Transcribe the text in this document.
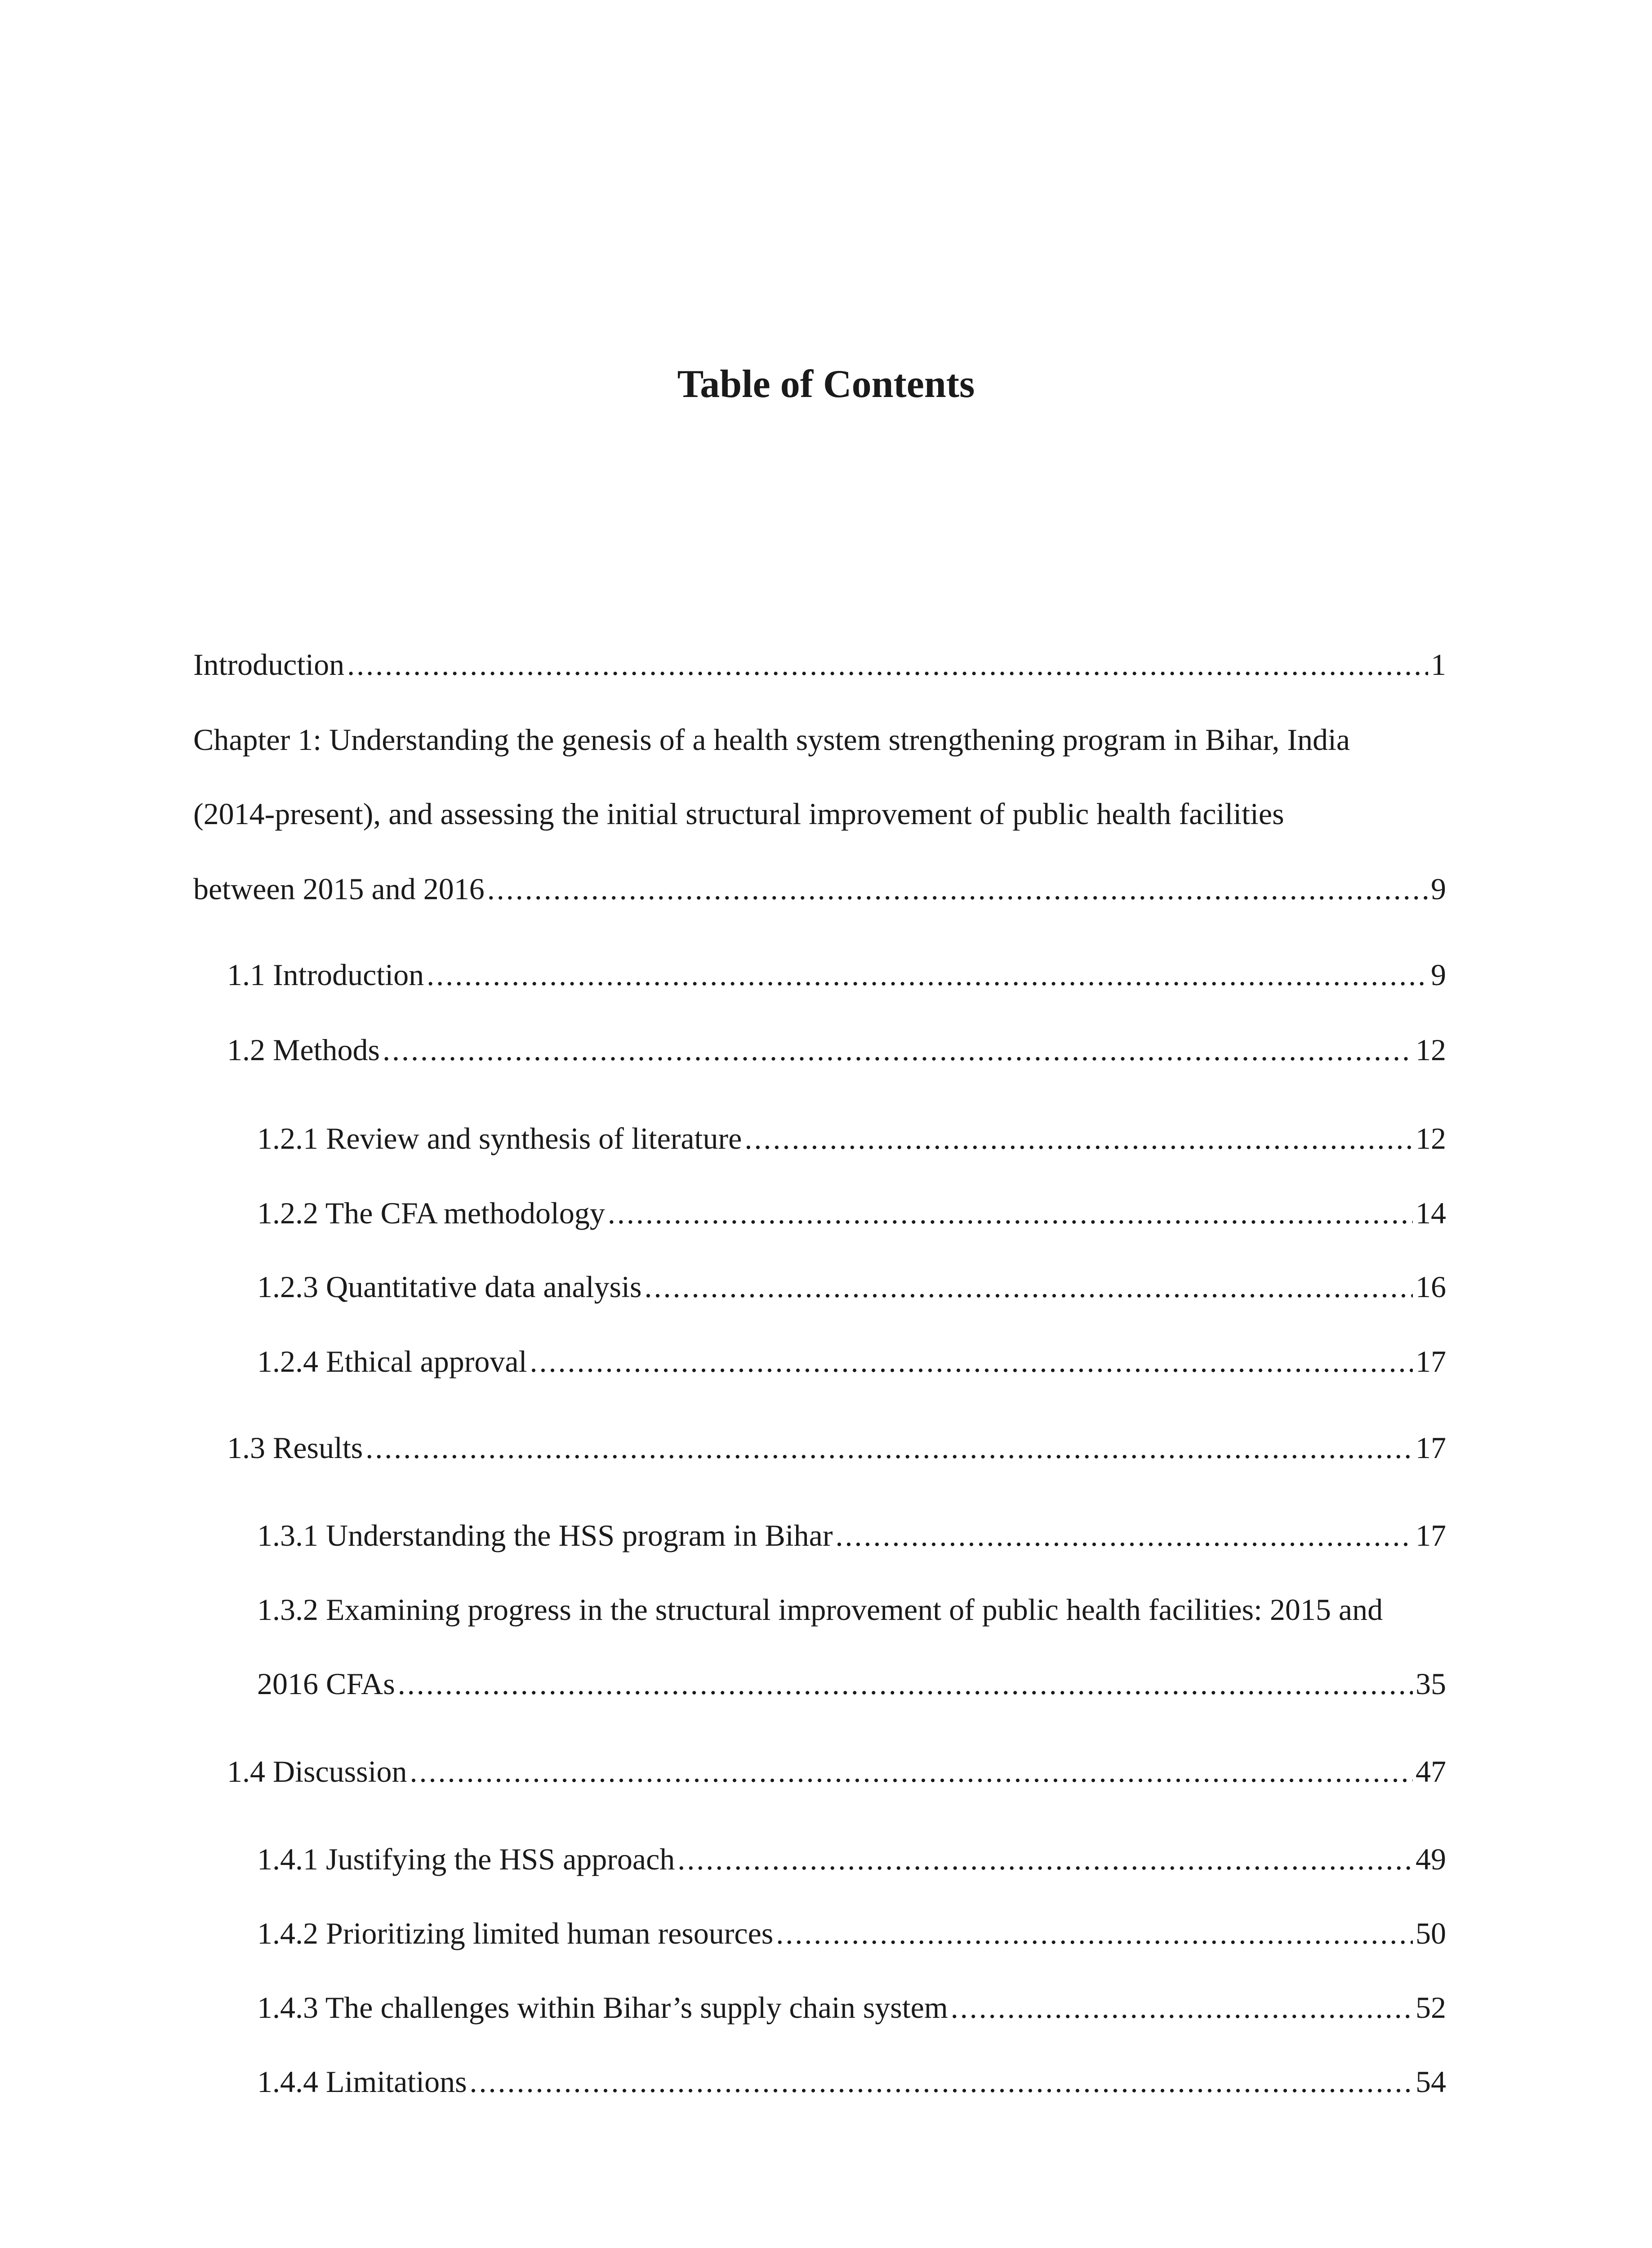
Table of Contents
Introduction .....	1
Chapter 1: Understanding the genesis of a health system strengthening program in Bihar, India
(2014-present), and assessing the initial structural improvement of public health facilities
between 2015 and 2016 .....	9
1.1 Introduction .....	9
1.2 Methods .....	12
1.2.1 Review and synthesis of literature .....	12
1.2.2 The CFA methodology .....	14
1.2.3 Quantitative data analysis .....	16
1.2.4 Ethical approval .....	17
1.3 Results .....	17
1.3.1 Understanding the HSS program in Bihar .....	17
1.3.2 Examining progress in the structural improvement of public health facilities: 2015 and
2016 CFAs .....	35
1.4 Discussion .....	47
1.4.1 Justifying the HSS approach .....	49
1.4.2 Prioritizing limited human resources .....	50
1.4.3 The challenges within Bihar’s supply chain system .....	52
1.4.4 Limitations .....	54
